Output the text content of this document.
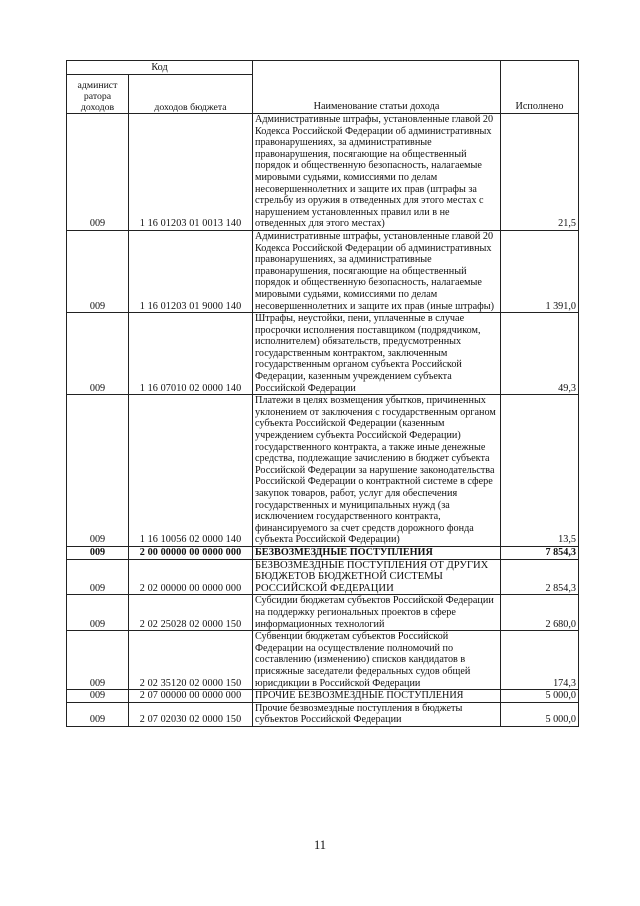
Код		Наименование статьи дохода	Исполнено
админист ратора доходов	доходов бюджета		
009	1 16 01203 01 0013 140	Административные штрафы, установленные главой 20 Кодекса Российской Федерации об административных правонарушениях, за административные правонарушения, посягающие на общественный порядок и общественную безопасность, налагаемые мировыми судьями, комиссиями по делам несовершеннолетних и защите их прав (штрафы за стрельбу из оружия в отведенных для этого местах с нарушением установленных правил или в не отведенных для этого местах)	21,5
009	1 16 01203 01 9000 140	Административные штрафы, установленные главой 20 Кодекса Российской Федерации об административных правонарушениях, за административные правонарушения, посягающие на общественный порядок и общественную безопасность, налагаемые мировыми судьями, комиссиями по делам несовершеннолетних и защите их прав (иные штрафы)	1 391,0
009	1 16 07010 02 0000 140	Штрафы, неустойки, пени, уплаченные в случае просрочки исполнения поставщиком (подрядчиком, исполнителем) обязательств, предусмотренных государственным контрактом, заключенным государственным органом субъекта Российской Федерации, казенным учреждением субъекта Российской Федерации	49,3
009	1 16 10056 02 0000 140	Платежи в целях возмещения убытков, причиненных уклонением от заключения с государственным органом субъекта Российской Федерации (казенным учреждением субъекта Российской Федерации) государственного контракта, а также иные денежные средства, подлежащие зачислению в бюджет субъекта Российской Федерации за нарушение законодательства Российской Федерации о контрактной системе в сфере закупок товаров, работ, услуг для обеспечения государственных и муниципальных нужд (за исключением государственного контракта, финансируемого за счет средств дорожного фонда субъекта Российской Федерации)	13,5
009	2 00 00000 00 0000 000	БЕЗВОЗМЕЗДНЫЕ ПОСТУПЛЕНИЯ	7 854,3
009	2 02 00000 00 0000 000	БЕЗВОЗМЕЗДНЫЕ ПОСТУПЛЕНИЯ ОТ ДРУГИХ БЮДЖЕТОВ БЮДЖЕТНОЙ СИСТЕМЫ РОССИЙСКОЙ ФЕДЕРАЦИИ	2 854,3
009	2 02 25028 02 0000 150	Субсидии бюджетам субъектов Российской Федерации на поддержку региональных проектов в сфере информационных технологий	2 680,0
009	2 02 35120 02 0000 150	Субвенции бюджетам субъектов Российской Федерации на осуществление полномочий по составлению (изменению) списков кандидатов в присяжные заседатели федеральных судов общей юрисдикции в Российской Федерации	174,3
009	2 07 00000 00 0000 000	ПРОЧИЕ БЕЗВОЗМЕЗДНЫЕ ПОСТУПЛЕНИЯ	5 000,0
009	2 07 02030 02 0000 150	Прочие безвозмездные поступления в бюджеты субъектов Российской Федерации	5 000,0
11
